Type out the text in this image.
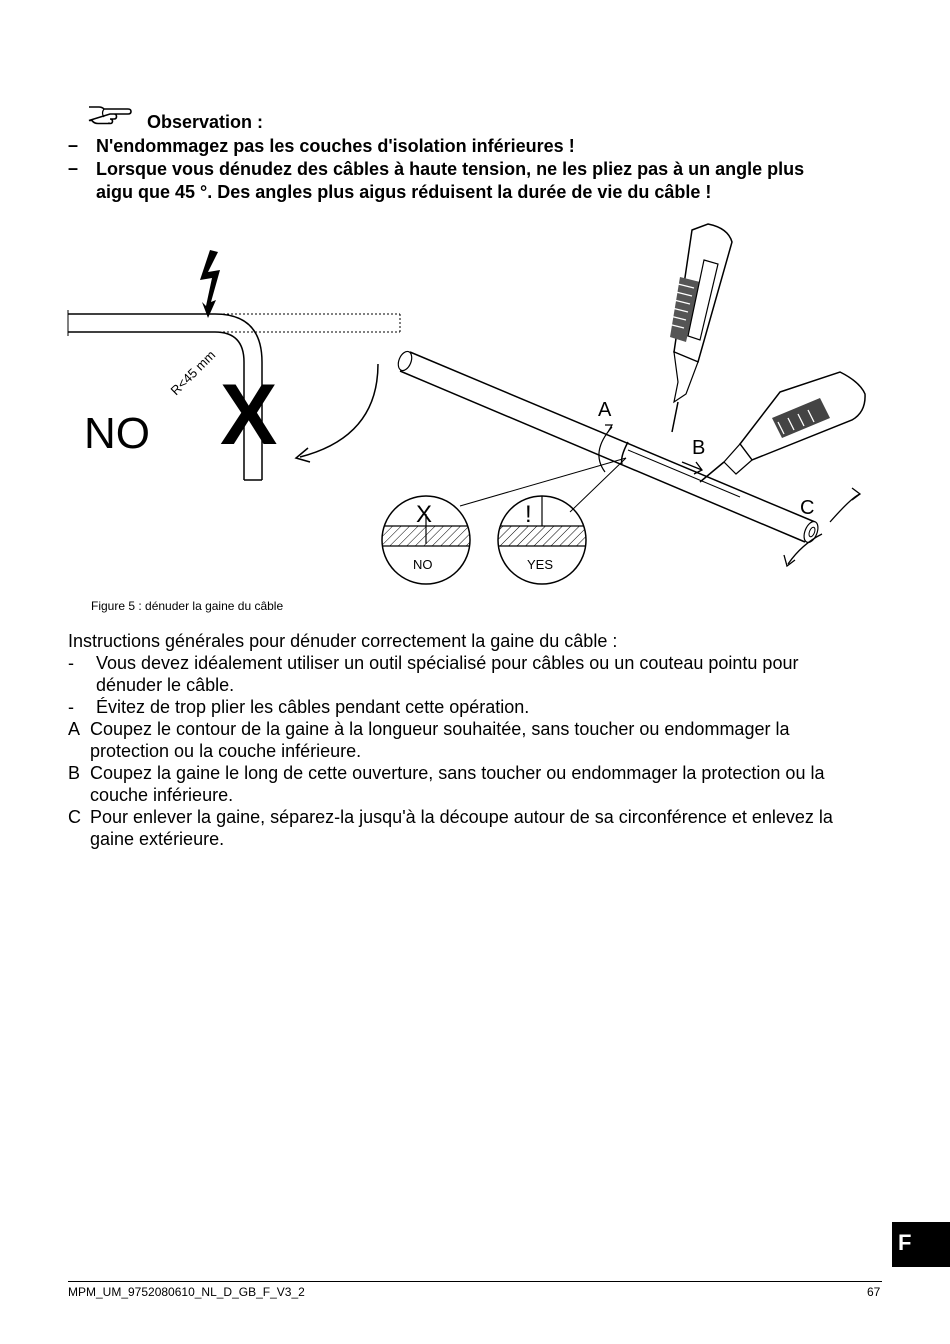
Observation :
– N'endommagez pas les couches d'isolation inférieures !
– Lorsque vous dénudez des câbles à haute tension, ne les pliez pas à un angle plus
aigu que 45 °. Des angles plus aigus réduisent la durée de vie du câble !
R<45 mm X
NO	A
B
C
X
NO
!
YES
Figure 5 : dénuder la gaine du câble
Instructions générales pour dénuder correctement la gaine du câble :
- Vous devez idéalement utiliser un outil spécialisé pour câbles ou un couteau pointu pour
dénuder le câble.
- Évitez de trop plier les câbles pendant cette opération.
A Coupez le contour de la gaine à la longueur souhaitée, sans toucher ou endommager la
protection ou la couche inférieure.
B Coupez la gaine le long de cette ouverture, sans toucher ou endommager la protection ou la
couche inférieure.
C Pour enlever la gaine, séparez-la jusqu'à la découpe autour de sa circonférence et enlevez la
gaine extérieure.
F
MPM_UM_9752080610_NL_D_GB_F_V3_2	67
